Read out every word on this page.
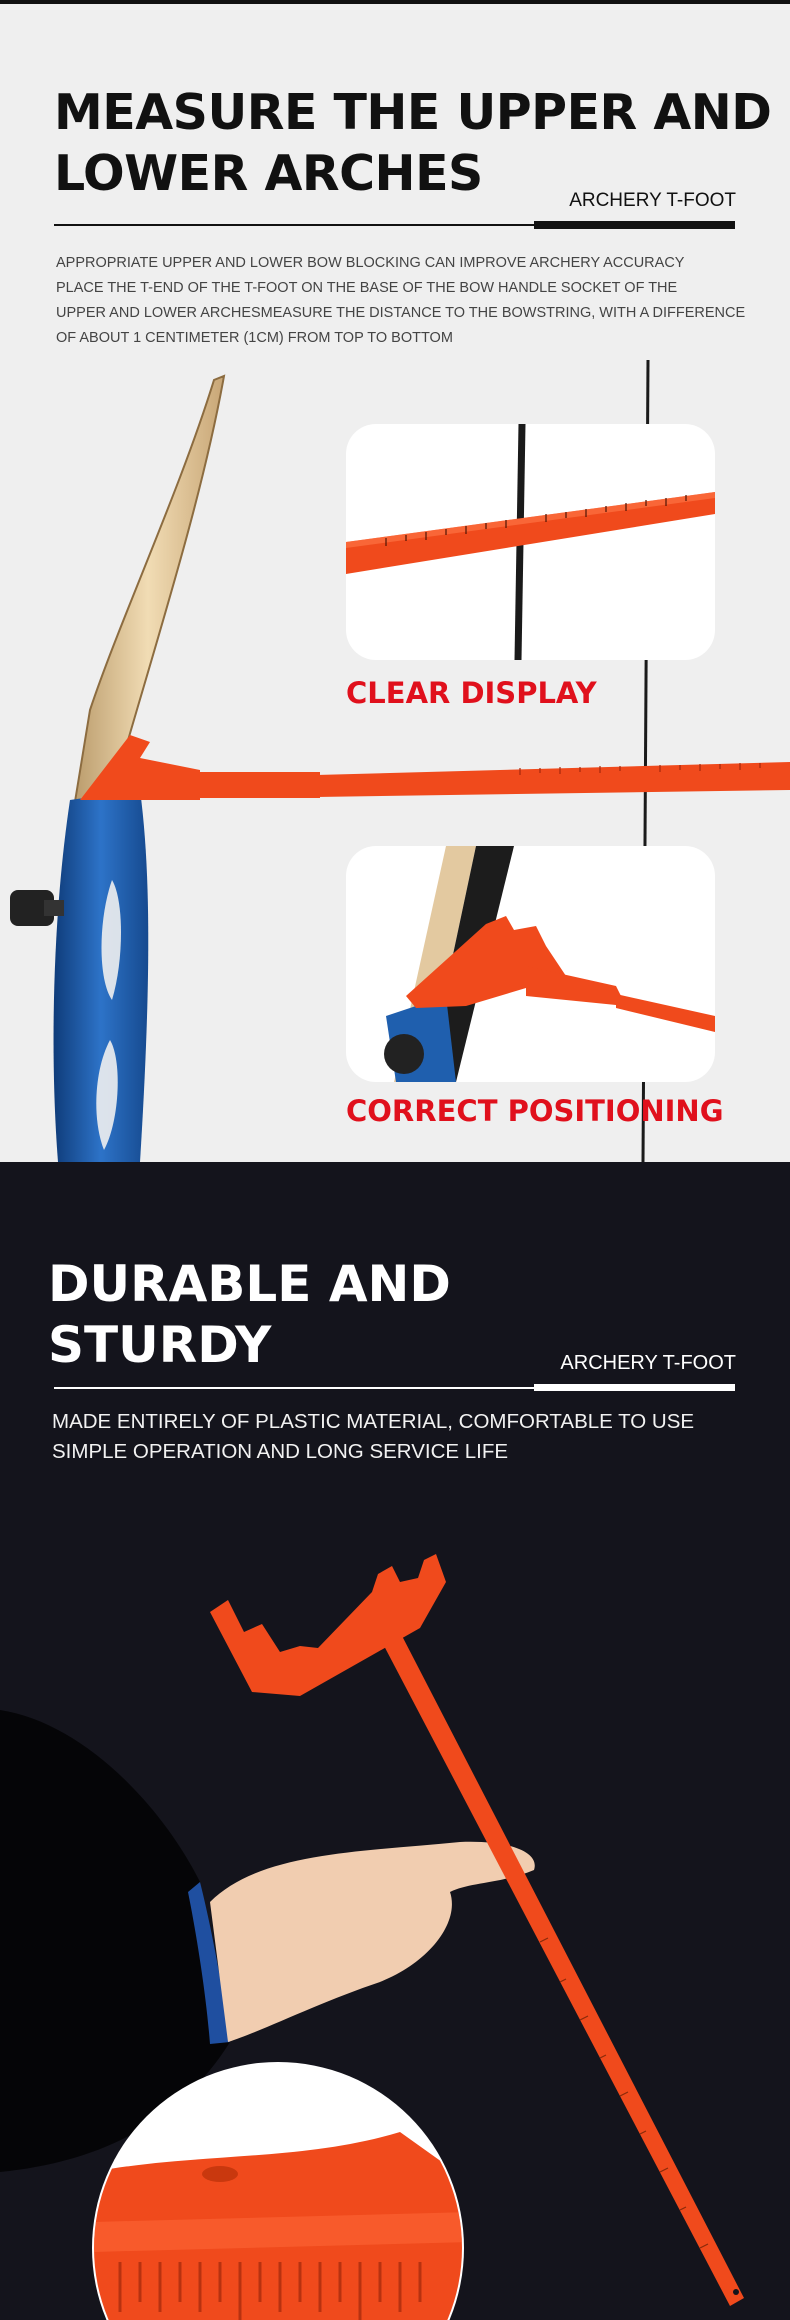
MEASURE THE UPPER AND
LOWER ARCHES	ARCHERY T-FOOT
APPROPRIATE UPPER AND LOWER BOW BLOCKING CAN IMPROVE ARCHERY ACCURACY
PLACE THE T-END OF THE T-FOOT ON THE BASE OF THE BOW HANDLE SOCKET OF THE
UPPER AND LOWER ARCHESMEASURE THE DISTANCE TO THE BOWSTRING, WITH A DIFFERENCE
OF ABOUT 1 CENTIMETER (1CM) FROM TOP TO BOTTOM
CLEAR DISPLAY
CORRECT POSITIONING
DURABLE AND
STURDY	ARCHERY T-FOOT
MADE ENTIRELY OF PLASTIC MATERIAL, COMFORTABLE TO USE
SIMPLE OPERATION AND LONG SERVICE LIFE
